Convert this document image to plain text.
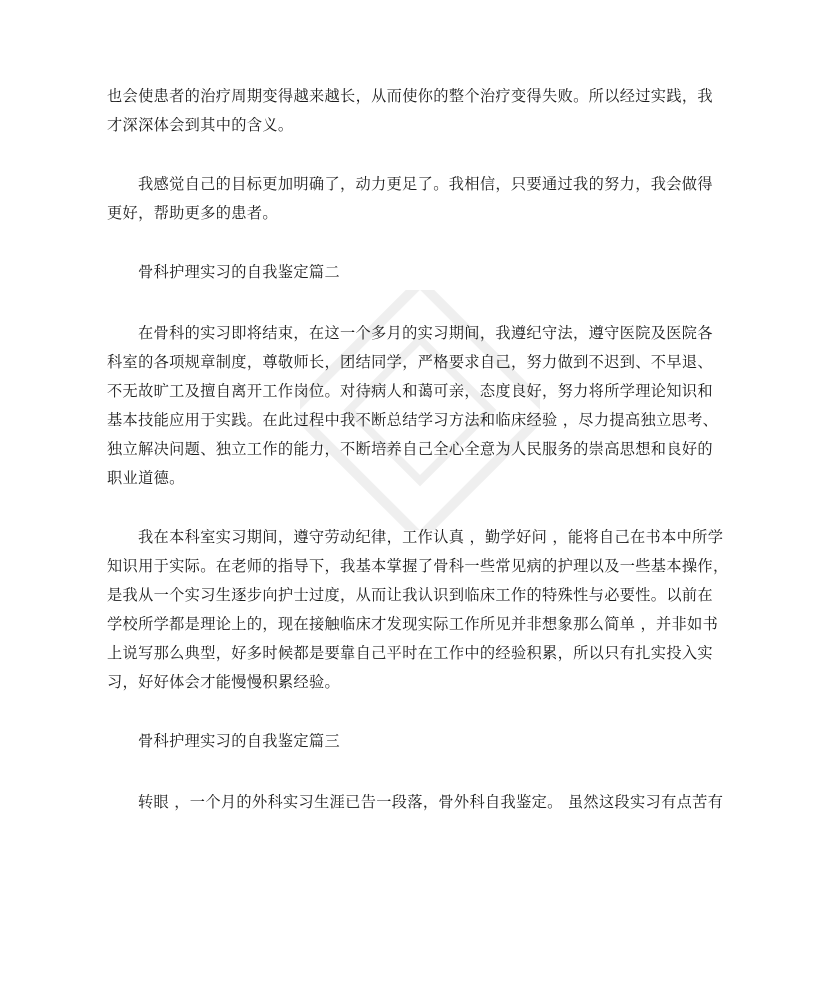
也会使患者的治疗周期变得越来越长，从而使你的整个治疗变得失败。所以经过实践，我
才深深体会到其中的含义。
我感觉自己的目标更加明确了，动力更足了。我相信，只要通过我的努力，我会做得
更好，帮助更多的患者。
骨科护理实习的自我鉴定篇二
在骨科的实习即将结束，在这一个多月的实习期间，我遵纪守法，遵守医院及医院各
科室的各项规章制度，尊敬师长，团结同学，严格要求自己，努力做到不迟到、不早退、
不无故旷工及擅自离开工作岗位。对待病人和蔼可亲，态度良好，努力将所学理论知识和
基本技能应用于实践。在此过程中我不断总结学习方法和临床经验 ，尽力提高独立思考、
独立解决问题、独立工作的能力，不断培养自己全心全意为人民服务的崇高思想和良好的
职业道德。
我在本科室实习期间，遵守劳动纪律，工作认真 ，勤学好问 ，能将自己在书本中所学
知识用于实际。在老师的指导下，我基本掌握了骨科一些常见病的护理以及一些基本操作，
是我从一个实习生逐步向护士过度，从而让我认识到临床工作的特殊性与必要性。以前在
学校所学都是理论上的，现在接触临床才发现实际工作所见并非想象那么简单 ，并非如书
上说写那么典型，好多时候都是要靠自己平时在工作中的经验积累，所以只有扎实投入实
习，好好体会才能慢慢积累经验。
骨科护理实习的自我鉴定篇三
转眼 ，一个月的外科实习生涯已告一段落，骨外科自我鉴定。 虽然这段实习有点苦有
